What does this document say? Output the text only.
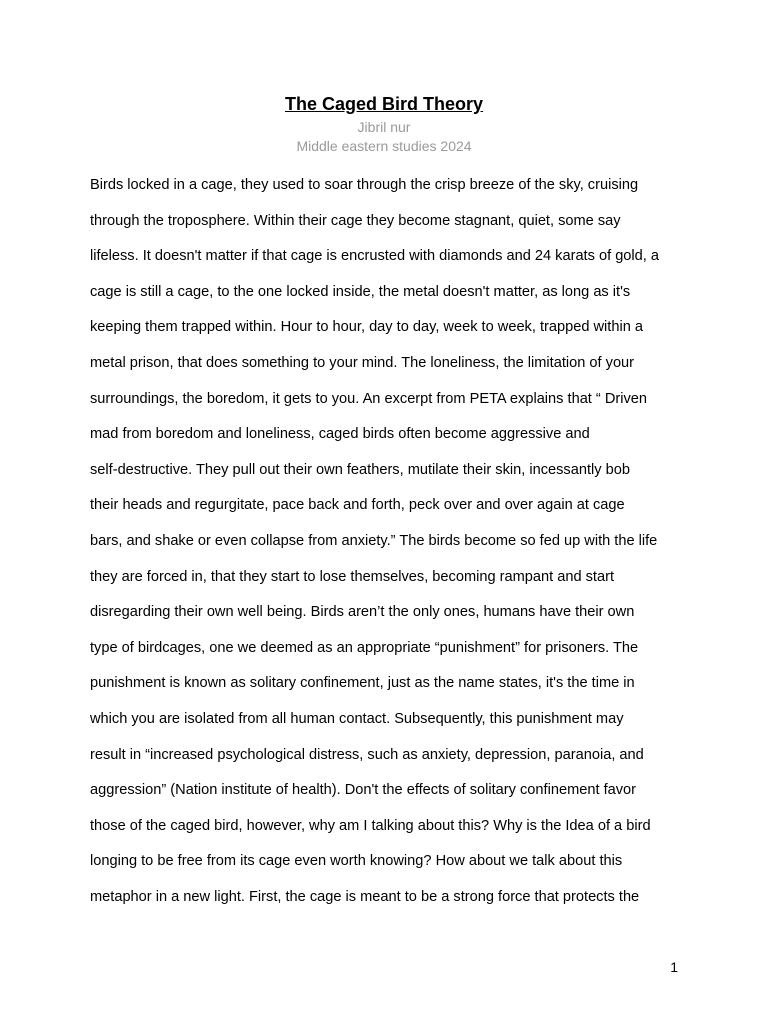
The Caged Bird Theory

Jibril nur

Middle eastern studies 2024

Birds locked in a cage, they used to soar through the crisp breeze of the sky, cruising
through the troposphere. Within their cage they become stagnant, quiet, some say
lifeless. It doesn't matter if that cage is encrusted with diamonds and 24 karats of gold, a
cage is still a cage, to the one locked inside, the metal doesn't matter, as long as it's
keeping them trapped within. Hour to hour, day to day, week to week, trapped within a
metal prison, that does something to your mind. The loneliness, the limitation of your
surroundings, the boredom, it gets to you. An excerpt from PETA explains that “ Driven
mad from boredom and loneliness, caged birds often become aggressive and
self-destructive. They pull out their own feathers, mutilate their skin, incessantly bob
their heads and regurgitate, pace back and forth, peck over and over again at cage
bars, and shake or even collapse from anxiety.” The birds become so fed up with the life
they are forced in, that they start to lose themselves, becoming rampant and start
disregarding their own well being. Birds aren’t the only ones, humans have their own
type of birdcages, one we deemed as an appropriate “punishment” for prisoners. The
punishment is known as solitary confinement, just as the name states, it's the time in
which you are isolated from all human contact. Subsequently, this punishment may
result in “increased psychological distress, such as anxiety, depression, paranoia, and
aggression” (Nation institute of health). Don't the effects of solitary confinement favor
those of the caged bird, however, why am I talking about this? Why is the Idea of a bird
longing to be free from its cage even worth knowing? How about we talk about this
metaphor in a new light. First, the cage is meant to be a strong force that protects the

1
